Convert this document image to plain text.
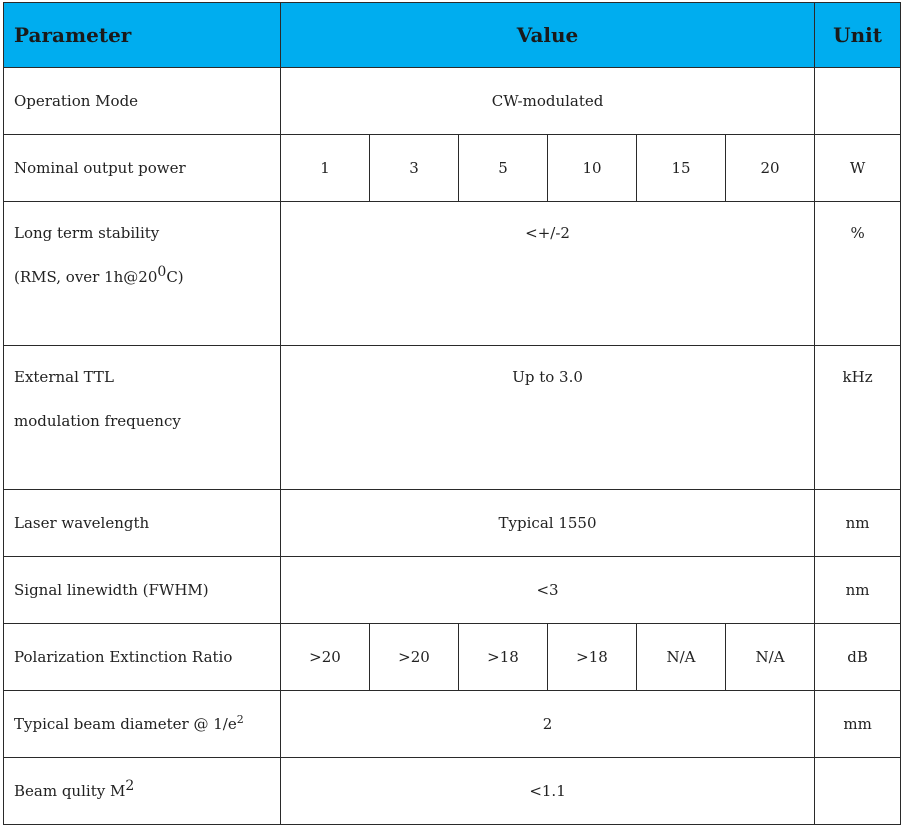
Parameter	Value						Unit
Operation Mode	CW-modulated						
Nominal output power	1	3	5	10	15	20	W

Long term stability
(RMS, over $1h@20^0C$)	<+/-2						%

External TTL
modulation frequency	Up to 3.0						kHz
Laser wavelength	Typical 1550						nm
Signal linewidth (FWHM)	<3						nm
Polarization Extinction Ratio	>20	>20	>18	>18	N/A	N/A	dB
Typical beam diameter @ $1/e^2$	2						mm
Beam qulity $M^2$	<1.1						
